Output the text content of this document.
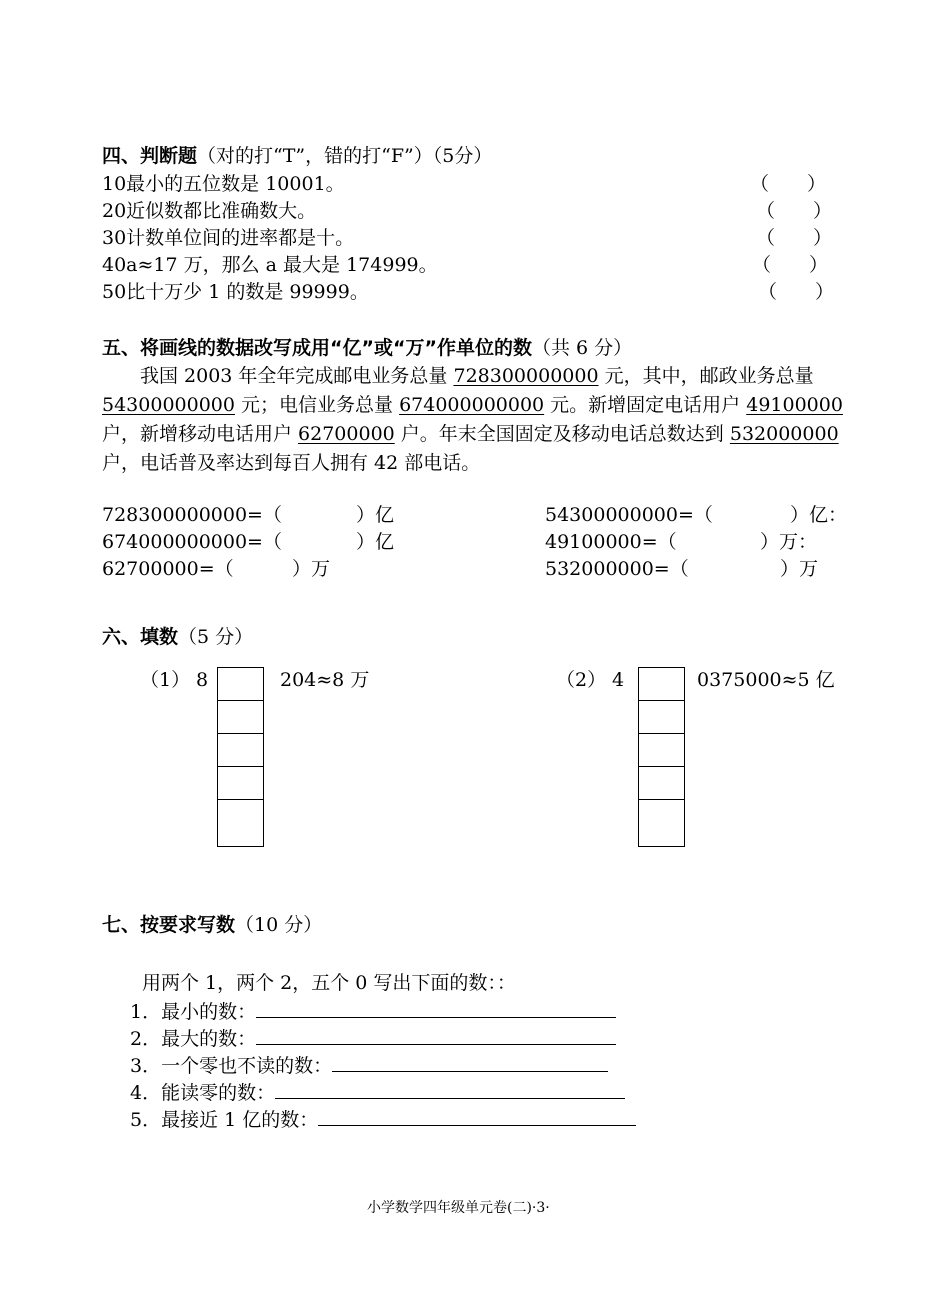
四、判断题（对的打“T”，错的打“F”）（5分）
10最小的五位数是 10001。	（　　）
20近似数都比准确数大。	（　　）
30计数单位间的进率都是十。	（　　）
40a≈17 万，那么 a 最大是 174999。	（　　）
50比十万少 1 的数是 99999。	（　　）
五、将画线的数据改写成用“亿”或“万”作单位的数（共 6 分）
我国 2003 年全年完成邮电业务总量 728300000000 元，其中，邮政业务总量 54300000000 元；电信业务总量 674000000000 元。新增固定电话用户 49100000 户，新增移动电话用户 62700000 户。年末全国固定及移动电话总数达到 532000000 户，电话普及率达到每百人拥有 42 部电话。
728300000000=（	）亿	54300000000=（	）亿：
674000000000=（	）亿	49100000=（	）万：
62700000=（	）万	532000000=（	）万
六、填数（5 分）
（1） 8	204≈8 万	（2） 4	0375000≈5 亿
七、按要求写数（10 分）
用两个 1，两个 2，五个 0 写出下面的数：：
1．最小的数：
2．最大的数：
3．一个零也不读的数：
4．能读零的数：
5．最接近 1 亿的数：
小学数学四年级单元卷(二)·3·
